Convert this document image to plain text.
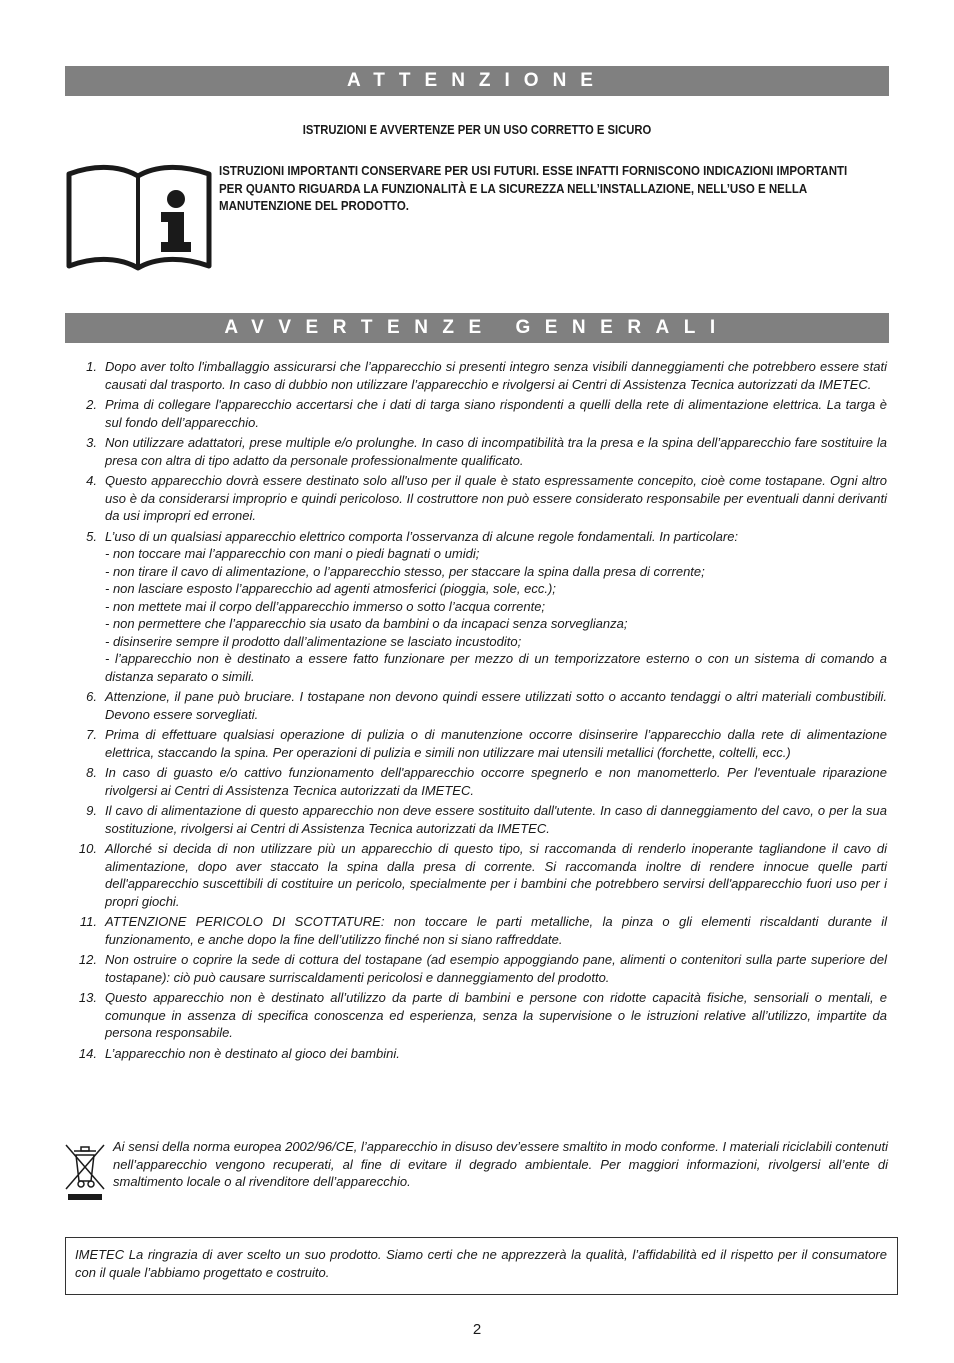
ATTENZIONE
ISTRUZIONI E AVVERTENZE PER UN USO CORRETTO E SICURO
ISTRUZIONI IMPORTANTI CONSERVARE PER USI FUTURI. ESSE INFATTI FORNISCONO INDICAZIONI IMPORTANTI PER QUANTO RIGUARDA LA FUNZIONALITÀ E LA SICUREZZA NELL’INSTALLAZIONE, NELL’USO E NELLA MANUTENZIONE DEL PRODOTTO.
AVVERTENZE GENERALI
1. Dopo aver tolto l'imballaggio assicurarsi che l’apparecchio si presenti integro senza visibili danneggiamenti che potrebbero essere stati causati dal trasporto. In caso di dubbio non utilizzare l’apparecchio e rivolgersi ai Centri di Assistenza Tecnica autorizzati da IMETEC.
2. Prima di collegare l'apparecchio accertarsi che i dati di targa siano rispondenti a quelli della rete di alimentazione elettrica. La targa è sul fondo dell’apparecchio.
3. Non utilizzare adattatori, prese multiple e/o prolunghe. In caso di incompatibilità tra la presa e la spina dell’apparecchio fare sostituire la presa con altra di tipo adatto da personale professionalmente qualificato.
4. Questo apparecchio dovrà essere destinato solo all'uso per il quale è stato espressamente concepito, cioè come tostapane. Ogni altro uso è da considerarsi improprio e quindi pericoloso. Il costruttore non può essere considerato responsabile per eventuali danni derivanti da usi impropri ed erronei.
5. L’uso di un qualsiasi apparecchio elettrico comporta l’osservanza di alcune regole fondamentali. In particolare:
- non toccare mai l’apparecchio con mani o piedi bagnati o umidi;
- non tirare il cavo di alimentazione, o l’apparecchio stesso, per staccare la spina dalla presa di corrente;
- non lasciare esposto l’apparecchio ad agenti atmosferici (pioggia, sole, ecc.);
- non mettete mai il corpo dell’apparecchio immerso o sotto l’acqua corrente;
- non permettere che l’apparecchio sia usato da bambini o da incapaci senza sorveglianza;
- disinserire sempre il prodotto dall’alimentazione se lasciato incustodito;
- l’apparecchio non è destinato a essere fatto funzionare per mezzo di un temporizzatore esterno o con un sistema di comando a distanza separato o simili.
6. Attenzione, il pane può bruciare. I tostapane non devono quindi essere utilizzati sotto o accanto tendaggi o altri materiali combustibili. Devono essere sorvegliati.
7. Prima di effettuare qualsiasi operazione di pulizia o di manutenzione occorre disinserire l’apparecchio dalla rete di alimentazione elettrica, staccando la spina. Per operazioni di pulizia e simili non utilizzare mai utensili metallici (forchette, coltelli, ecc.)
8. In caso di guasto e/o cattivo funzionamento dell'apparecchio occorre spegnerlo e non manometterlo. Per l'eventuale riparazione rivolgersi ai Centri di Assistenza Tecnica autorizzati da IMETEC.
9. Il cavo di alimentazione di questo apparecchio non deve essere sostituito dall'utente. In caso di danneggiamento del cavo, o per la sua sostituzione, rivolgersi ai Centri di Assistenza Tecnica autorizzati da IMETEC.
10. Allorché si decida di non utilizzare più un apparecchio di questo tipo, si raccomanda di renderlo inoperante tagliandone il cavo di alimentazione, dopo aver staccato la spina dalla presa di corrente. Si raccomanda inoltre di rendere innocue quelle parti dell'apparecchio suscettibili di costituire un pericolo, specialmente per i bambini che potrebbero servirsi dell'apparecchio fuori uso per i propri giochi.
11. ATTENZIONE PERICOLO DI SCOTTATURE: non toccare le parti metalliche, la pinza o gli elementi riscaldanti durante il funzionamento, e anche dopo la fine dell’utilizzo finché non si siano raffreddate.
12. Non ostruire o coprire la sede di cottura del tostapane (ad esempio appoggiando pane, alimenti o contenitori sulla parte superiore del tostapane): ciò può causare surriscaldamenti pericolosi e danneggiamento del prodotto.
13. Questo apparecchio non è destinato all’utilizzo da parte di bambini e persone con ridotte capacità fisiche, sensoriali o mentali, e comunque in assenza di specifica conoscenza ed esperienza, senza la supervisione o le istruzioni relative all’utilizzo, impartite da persona responsabile.
14. L’apparecchio non è destinato al gioco dei bambini.
Ai sensi della norma europea 2002/96/CE, l’apparecchio in disuso dev’essere smaltito in modo conforme. I materiali riciclabili contenuti nell’apparecchio vengono recuperati, al fine di evitare il degrado ambientale. Per maggiori informazioni, rivolgersi all’ente di smaltimento locale o al rivenditore dell’apparecchio.
IMETEC La ringrazia di aver scelto un suo prodotto. Siamo certi che ne apprezzerà la qualità, l’affidabilità ed il rispetto per il consumatore con il quale l’abbiamo progettato e costruito.
2
